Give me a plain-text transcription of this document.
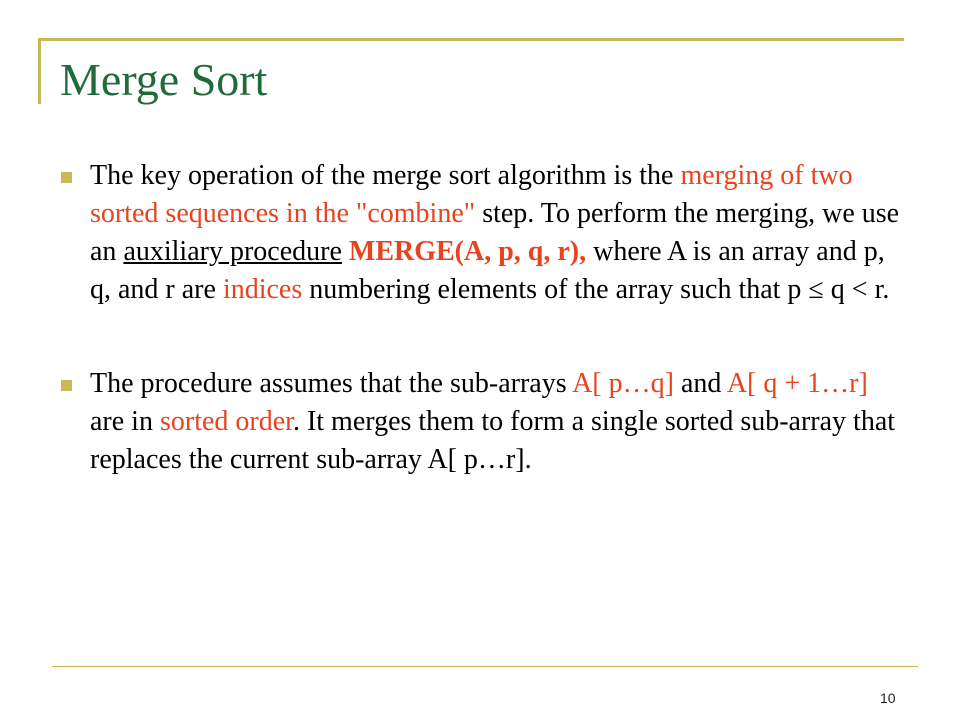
Merge Sort

The key operation of the merge sort algorithm is the merging of two sorted sequences in the "combine" step. To perform the merging, we use an auxiliary procedure MERGE(A, p, q, r), where A is an array and p, q, and r are indices numbering elements of the array such that p ≤ q < r.

The procedure assumes that the sub-arrays A[ p…q] and A[ q + 1…r] are in sorted order. It merges them to form a single sorted sub-array that replaces the current sub-array A[ p…r].

10
